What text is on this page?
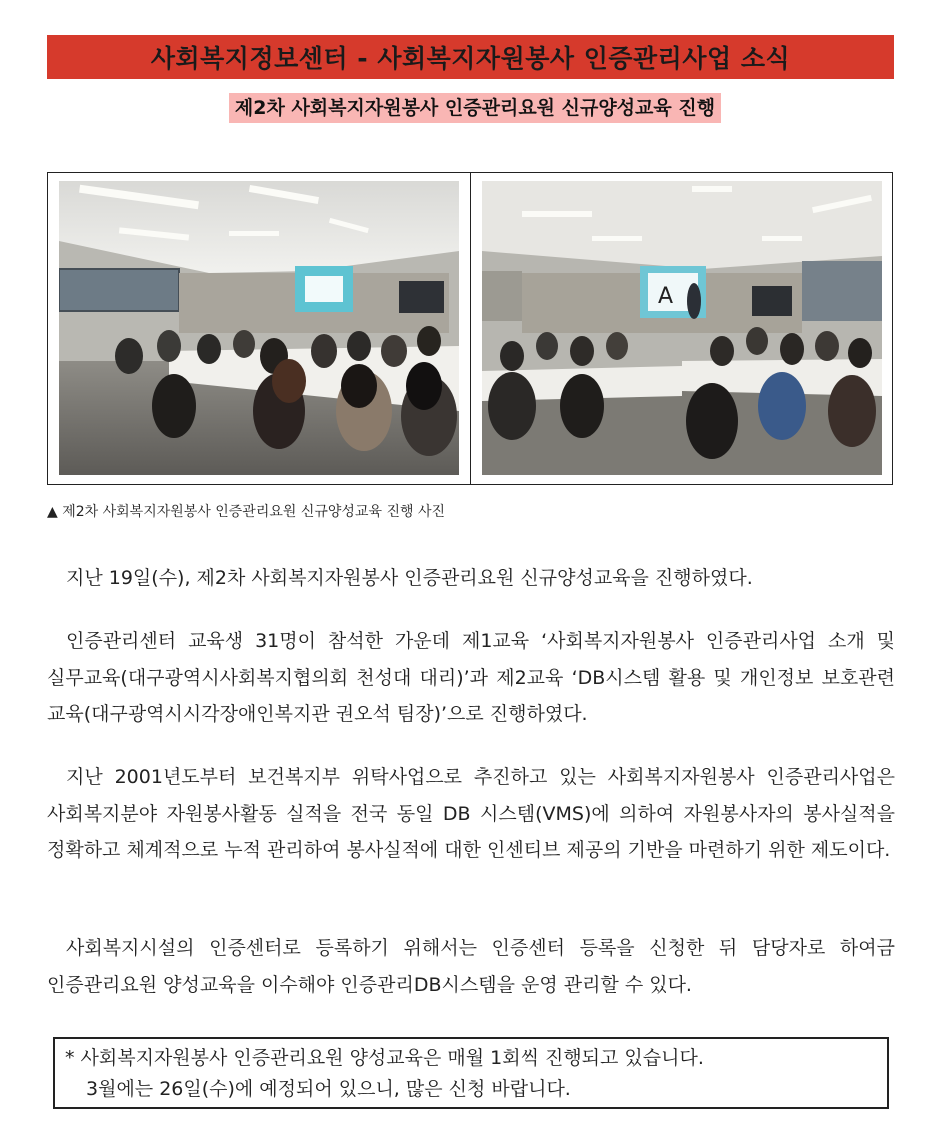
사회복지정보센터 - 사회복지자원봉사 인증관리사업 소식
제2차 사회복지자원봉사 인증관리요원 신규양성교육 진행
A
▲ 제2차 사회복지자원봉사 인증관리요원 신규양성교육 진행 사진

지난 19일(수), 제2차 사회복지자원봉사 인증관리요원 신규양성교육을 진행하였다.

인증관리센터 교육생 31명이 참석한 가운데 제1교육 ‘사회복지자원봉사 인증관리사업 소개 및 실무교육(대구광역시사회복지협의회 천성대 대리)’과 제2교육 ‘DB시스템 활용 및 개인정보 보호관련 교육(대구광역시시각장애인복지관 권오석 팀장)’으로 진행하였다.

지난 2001년도부터 보건복지부 위탁사업으로 추진하고 있는 사회복지자원봉사 인증관리사업은 사회복지분야 자원봉사활동 실적을 전국 동일 DB 시스템(VMS)에 의하여 자원봉사자의 봉사실적을 정확하고 체계적으로 누적 관리하여 봉사실적에 대한 인센티브 제공의 기반을 마련하기 위한 제도이다.

사회복지시설의 인증센터로 등록하기 위해서는 인증센터 등록을 신청한 뒤 담당자로 하여금 인증관리요원 양성교육을 이수해야 인증관리DB시스템을 운영 관리할 수 있다.

* 사회복지자원봉사 인증관리요원 양성교육은 매월 1회씩 진행되고 있습니다.
3월에는 26일(수)에 예정되어 있으니, 많은 신청 바랍니다.
